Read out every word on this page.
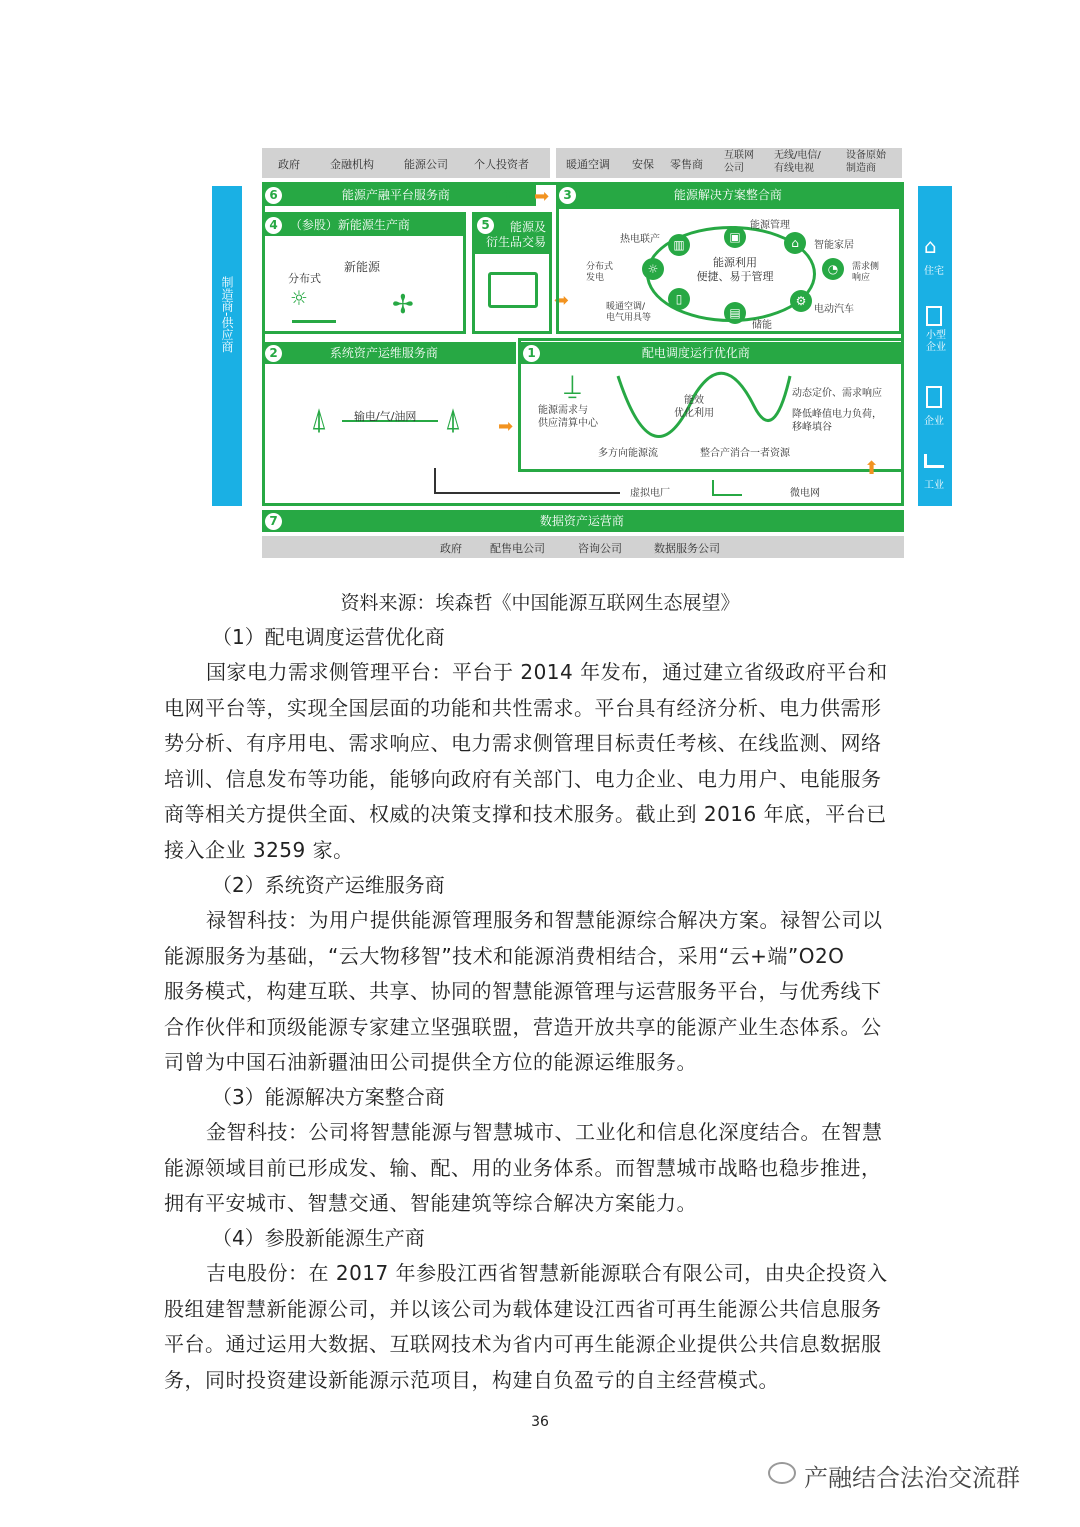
政府	金融机构	能源公司 个人投资者	暖通空调 安保 零售商
互联网
公司
无线/电信/
有线电视
设备原始
制造商
制造商-供应商
⌂
住宅
小型企业
企业
工业
6	能源产融平台服务商	¥	3	能源解决方案整合商
➡
4 （参股）新能源生产商
新能源
分布式
☼	✢
5	能源及
衍生品交易
⬌
能源利用
便捷、易于管理
能源管理
智能家居
需求侧
响应
电动汽车
储能
暖通空调/
电气用具等
分布式
发电
热电联产	▣	⌂
◔
⚙
▤
▯
☼
▥
2	系统资产运维服务商
⍋	⍋
输电/气/油网	➡
1	配电调度运行优化商
⍊
能源需求与
供应清算中心
能效
优化利用
动态定价、需求响应
降低峰值电力负荷，
移峰填谷
多方向能源流	整合产消合一者资源
虚拟电厂	微电网
⬆
7	数据资产运营商
政府	配售电公司	咨询公司	数据服务公司
资料来源：埃森哲《中国能源互联网生态展望》
（1）配电调度运营优化商
国家电力需求侧管理平台：平台于 2014 年发布，通过建立省级政府平台和
电网平台等，实现全国层面的功能和共性需求。平台具有经济分析、电力供需形
势分析、有序用电、需求响应、电力需求侧管理目标责任考核、在线监测、网络
培训、信息发布等功能，能够向政府有关部门、电力企业、电力用户、电能服务
商等相关方提供全面、权威的决策支撑和技术服务。截止到 2016 年底，平台已
接入企业 3259 家。
（2）系统资产运维服务商
禄智科技：为用户提供能源管理服务和智慧能源综合解决方案。禄智公司以
能源服务为基础，“云大物移智”技术和能源消费相结合，采用“云+端”O2O
服务模式，构建互联、共享、协同的智慧能源管理与运营服务平台，与优秀线下
合作伙伴和顶级能源专家建立坚强联盟，营造开放共享的能源产业生态体系。公
司曾为中国石油新疆油田公司提供全方位的能源运维服务。
（3）能源解决方案整合商
金智科技：公司将智慧能源与智慧城市、工业化和信息化深度结合。在智慧
能源领域目前已形成发、输、配、用的业务体系。而智慧城市战略也稳步推进，
拥有平安城市、智慧交通、智能建筑等综合解决方案能力。
（4）参股新能源生产商
吉电股份：在 2017 年参股江西省智慧新能源联合有限公司，由央企投资入
股组建智慧新能源公司，并以该公司为载体建设江西省可再生能源公共信息服务
平台。通过运用大数据、互联网技术为省内可再生能源企业提供公共信息数据服
务，同时投资建设新能源示范项目，构建自负盈亏的自主经营模式。
36
产融结合法治交流群
